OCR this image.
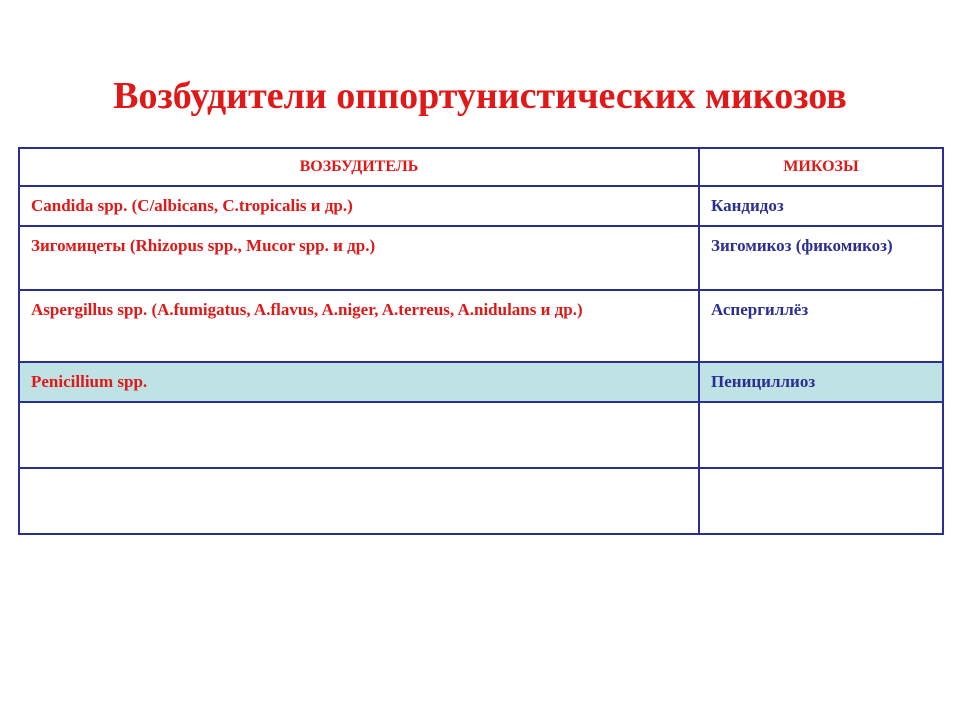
Возбудители оппортунистических микозов
ВОЗБУДИТЕЛЬ	МИКОЗЫ
Candida spp. (C/albicans, C.tropicalis и др.)	Кандидоз
Зигомицеты (Rhizopus spp., Mucor spp. и др.)	Зигомикоз (фикомикоз)
Aspergillus spp. (A.fumigatus, A.flavus, A.niger, A.terreus, A.nidulans и др.)	Аспергиллёз
Penicillium spp.	Пенициллиоз
